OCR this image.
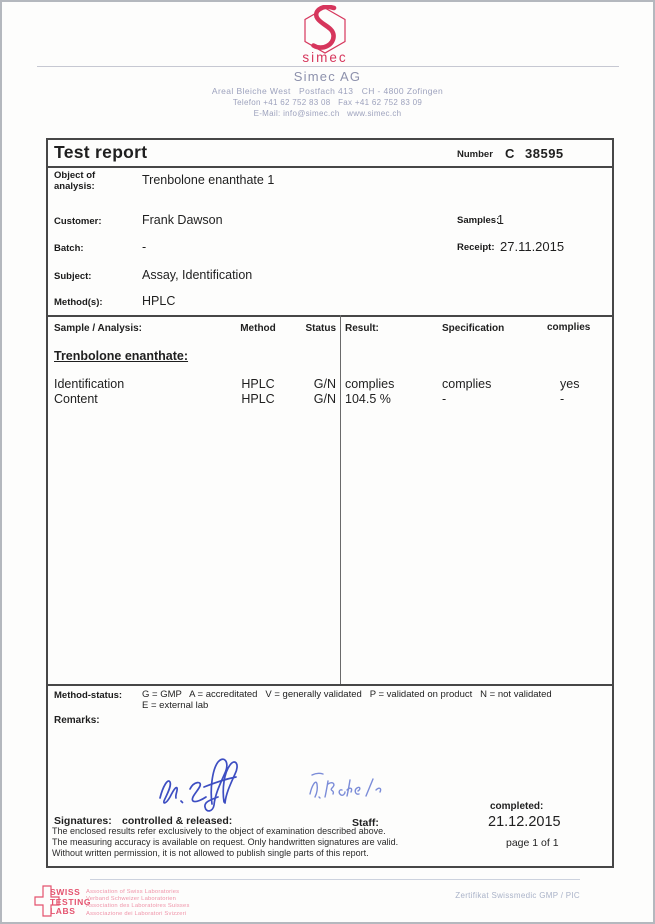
simec
Simec AG
Areal Bleiche West   Postfach 413   CH - 4800 Zofingen
Telefon +41 62 752 83 08   Fax +41 62 752 83 09
E-Mail: info@simec.ch   www.simec.ch
Test report	Number C 38595
Object of
analysis:	Trenbolone enanthate 1
Customer:	Frank Dawson	Samples:
1
Batch:	-	Receipt: 27.11.2015
Subject:	Assay, Identification
Method(s):	HPLC
Sample / Analysis:	Method	Status Result:	Specification	complies
Trenbolone enanthate:
Identification	HPLC	G/N complies	complies	yes
Content	HPLC	G/N 104.5 %	-	-
Method-status: G = GMP   A = accreditated   V = generally validated   P = validated on product   N = not validated
E = external lab
Remarks:
Signatures: controlled & released:	Staff:
completed:
21.12.2015
page 1 of 1
The enclosed results refer exclusively to the object of examination described above.
The measuring accuracy is available on request. Only handwritten signatures are valid.
Without written permission, it is not allowed to publish single parts of this report.
SWISS
TESTING
LABS
Association of Swiss Laboratories
Verband Schweizer Laboratorien
Association des Laboratoires Suisses
Associazione dei Laboratori Svizzeri
Zertifikat Swissmedic GMP / PIC
